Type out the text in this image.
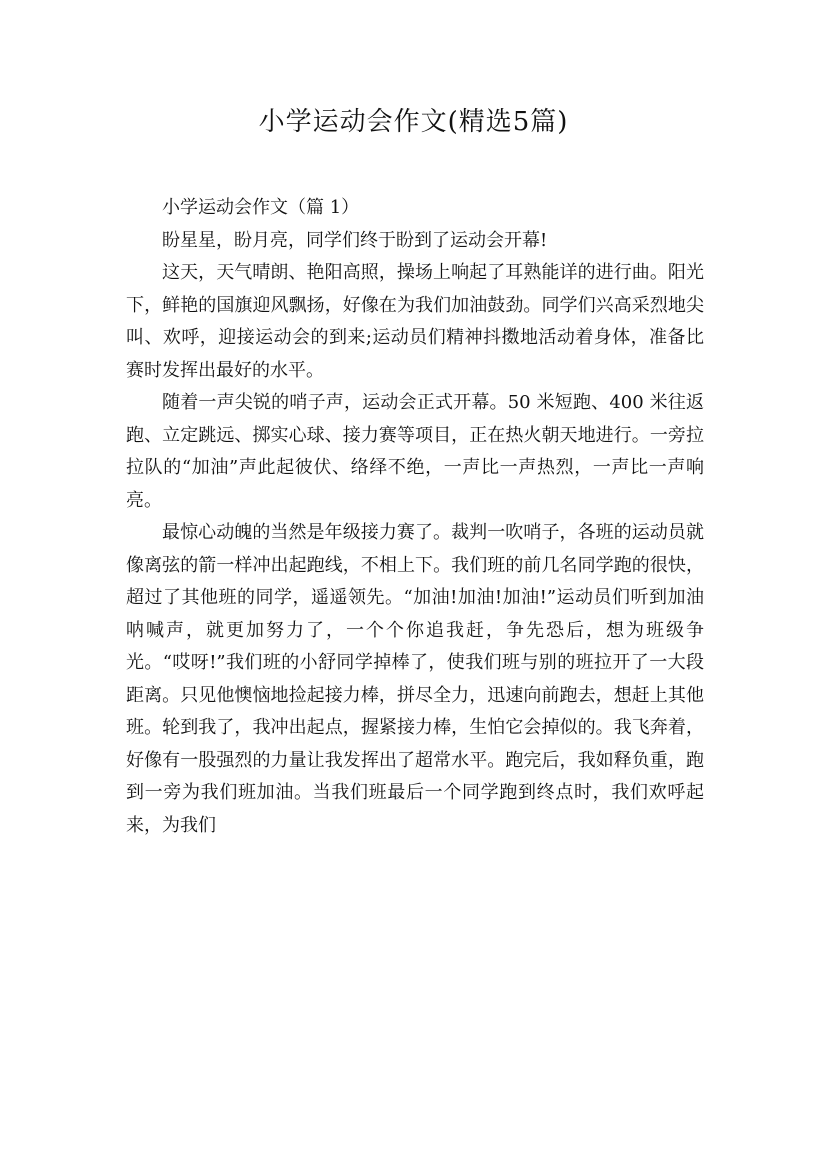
小学运动会作文(精选5篇)
小学运动会作文（篇 1）

盼星星，盼月亮，同学们终于盼到了运动会开幕!

这天，天气晴朗、艳阳高照，操场上响起了耳熟能详的进行曲。阳光下，鲜艳的国旗迎风飘扬，好像在为我们加油鼓劲。同学们兴高采烈地尖叫、欢呼，迎接运动会的到来;运动员们精神抖擞地活动着身体，准备比赛时发挥出最好的水平。

随着一声尖锐的哨子声，运动会正式开幕。50 米短跑、400 米往返跑、立定跳远、掷实心球、接力赛等项目，正在热火朝天地进行。一旁拉拉队的“加油”声此起彼伏、络绎不绝，一声比一声热烈，一声比一声响亮。

最惊心动魄的当然是年级接力赛了。裁判一吹哨子，各班的运动员就像离弦的箭一样冲出起跑线，不相上下。我们班的前几名同学跑的很快，超过了其他班的同学，遥遥领先。“加油!加油!加油!”运动员们听到加油呐喊声，就更加努力了，一个个你追我赶，争先恐后，想为班级争光。“哎呀!”我们班的小舒同学掉棒了，使我们班与别的班拉开了一大段距离。只见他懊恼地捡起接力棒，拼尽全力，迅速向前跑去，想赶上其他班。轮到我了，我冲出起点，握紧接力棒，生怕它会掉似的。我飞奔着，好像有一股强烈的力量让我发挥出了超常水平。跑完后，我如释负重，跑到一旁为我们班加油。当我们班最后一个同学跑到终点时，我们欢呼起来，为我们
